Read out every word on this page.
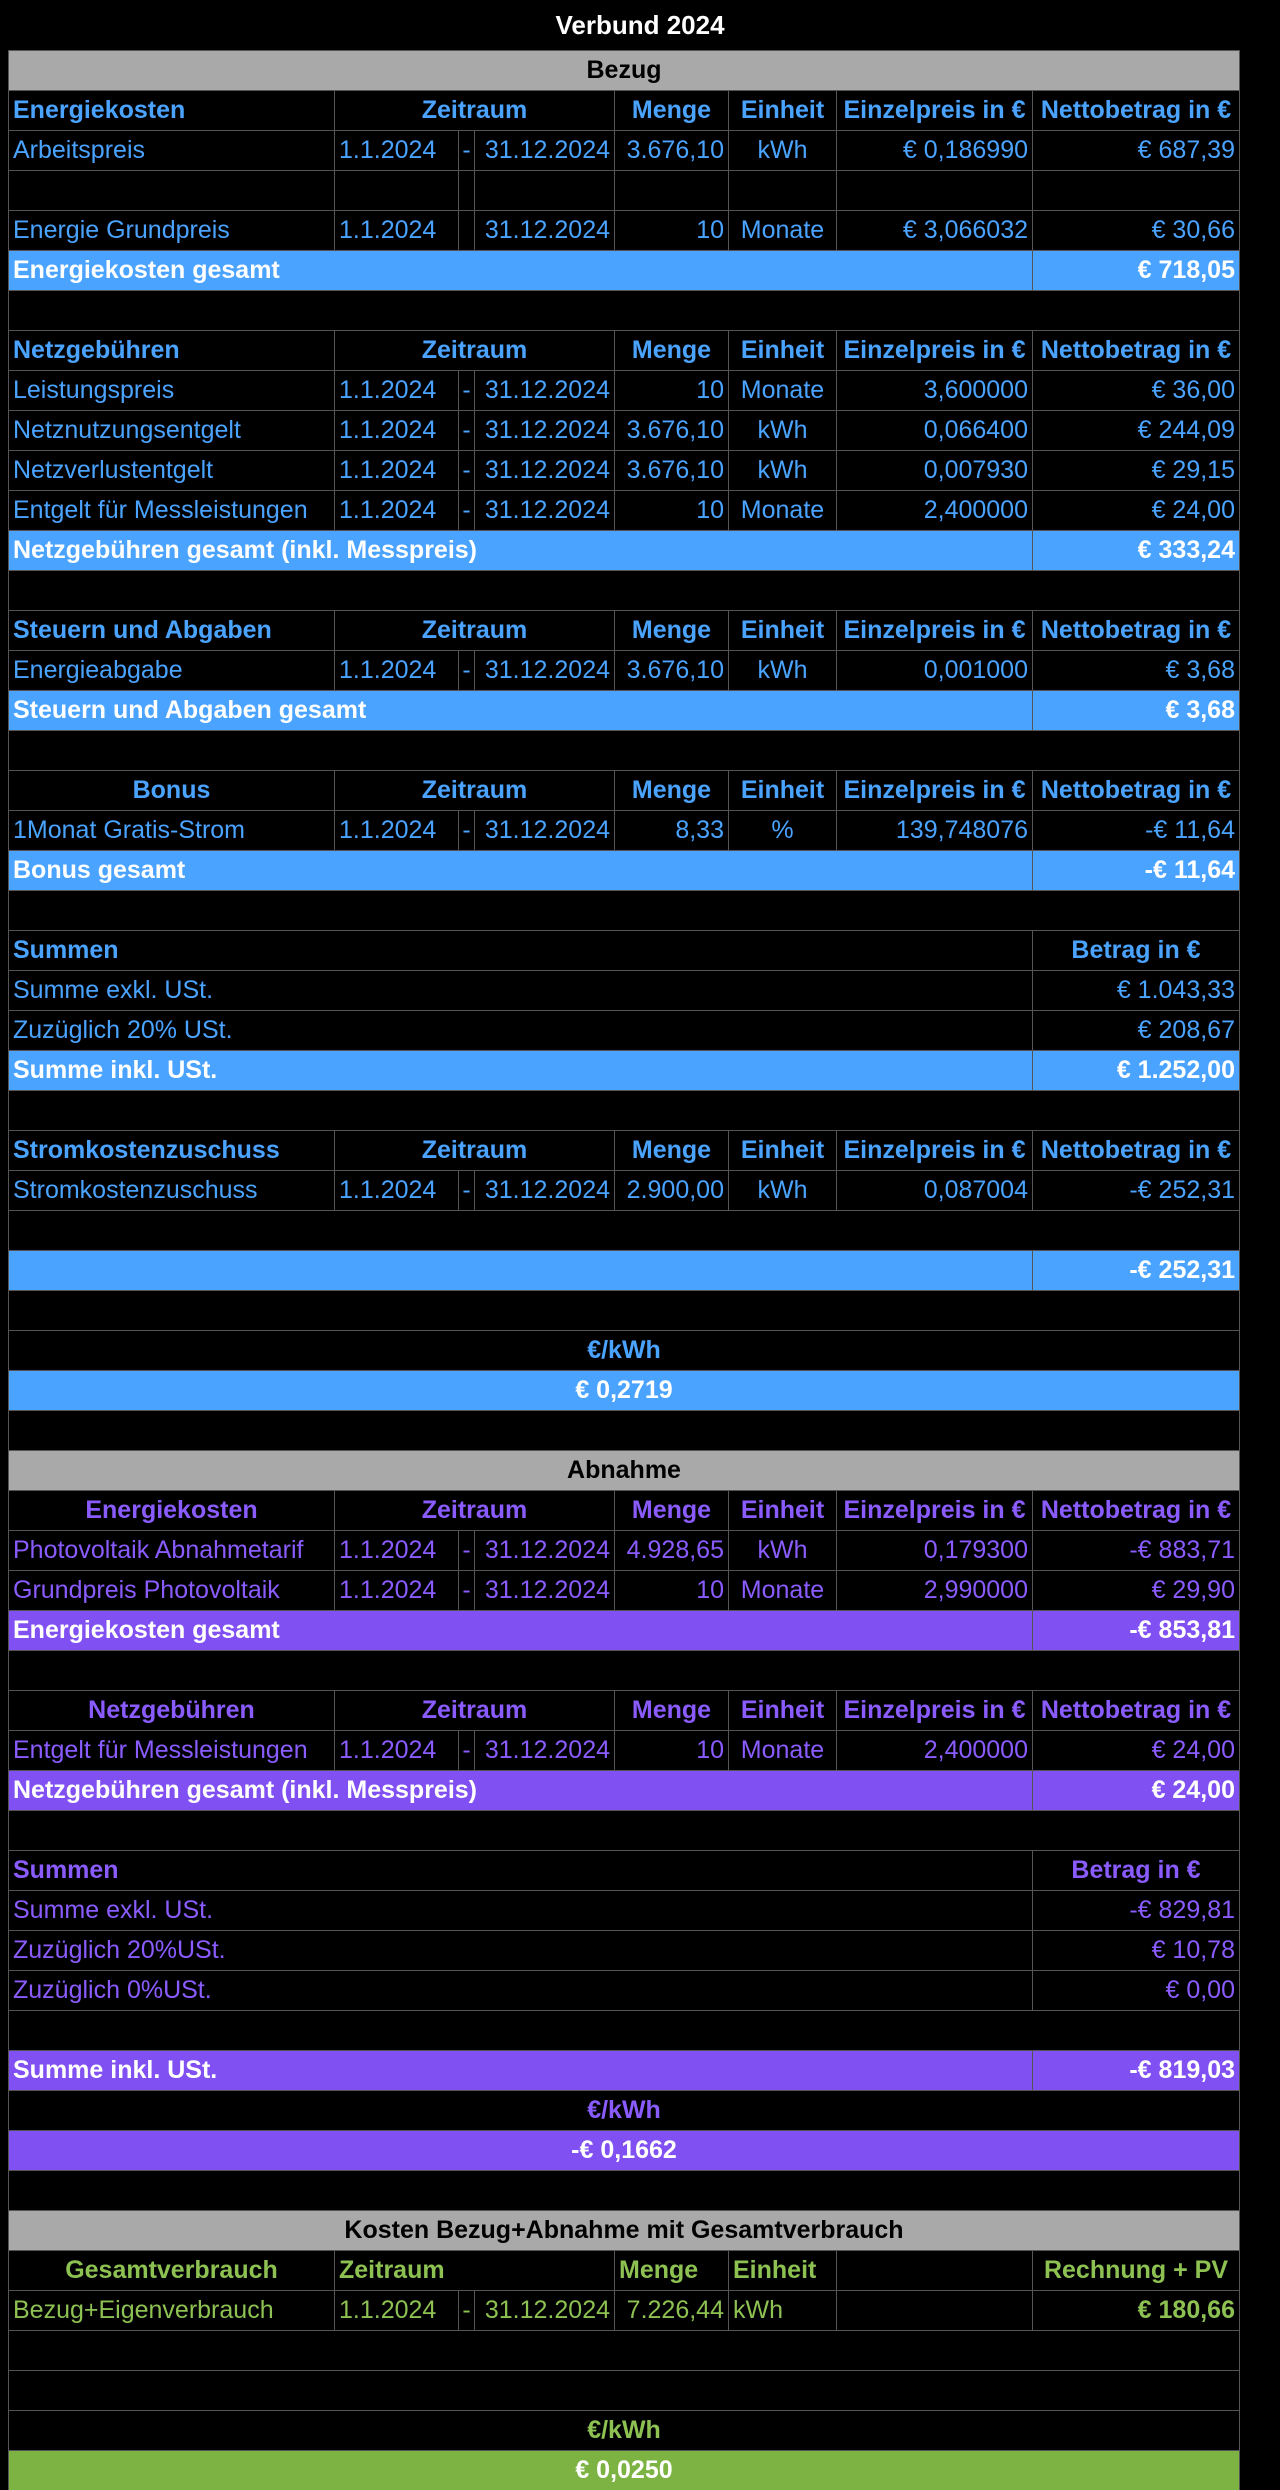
Verbund 2024
Bezug
Energiekosten	Zeitraum	Menge	Einheit Einzelpreis in € Nettobetrag in €
Arbeitspreis	1.1.2024	- 31.12.2024 3.676,10	kWh	€ 0,186990	€ 687,39
Energie Grundpreis	1.1.2024	31.12.2024	10 Monate	€ 3,066032	€ 30,66
Energiekosten gesamt	€ 718,05
Netzgebühren	Zeitraum	Menge	Einheit Einzelpreis in € Nettobetrag in €
Leistungspreis	1.1.2024	- 31.12.2024	10 Monate	3,600000	€ 36,00
Netznutzungsentgelt	1.1.2024	- 31.12.2024 3.676,10	kWh	0,066400	€ 244,09
Netzverlustentgelt	1.1.2024	- 31.12.2024 3.676,10	kWh	0,007930	€ 29,15
Entgelt für Messleistungen	1.1.2024	- 31.12.2024	10 Monate	2,400000	€ 24,00
Netzgebühren gesamt (inkl. Messpreis)	€ 333,24
Steuern und Abgaben	Zeitraum	Menge	Einheit Einzelpreis in € Nettobetrag in €
Energieabgabe	1.1.2024	- 31.12.2024 3.676,10	kWh	0,001000	€ 3,68
Steuern und Abgaben gesamt	€ 3,68
Bonus	Zeitraum	Menge	Einheit Einzelpreis in € Nettobetrag in €
1Monat Gratis-Strom	1.1.2024	- 31.12.2024	8,33	%	139,748076	-€ 11,64
Bonus gesamt	-€ 11,64
Summen	Betrag in €
Summe exkl. USt.	€ 1.043,33
Zuzüglich 20% USt.	€ 208,67
Summe inkl. USt.	€ 1.252,00
Stromkostenzuschuss	Zeitraum	Menge	Einheit Einzelpreis in € Nettobetrag in €
Stromkostenzuschuss	1.1.2024	- 31.12.2024 2.900,00	kWh	0,087004	-€ 252,31
-€ 252,31
€/kWh
€ 0,2719
Abnahme
Energiekosten	Zeitraum	Menge	Einheit Einzelpreis in € Nettobetrag in €
Photovoltaik Abnahmetarif	1.1.2024	- 31.12.2024 4.928,65	kWh	0,179300	-€ 883,71
Grundpreis Photovoltaik	1.1.2024	- 31.12.2024	10 Monate	2,990000	€ 29,90
Energiekosten gesamt	-€ 853,81
Netzgebühren	Zeitraum	Menge	Einheit Einzelpreis in € Nettobetrag in €
Entgelt für Messleistungen	1.1.2024	- 31.12.2024	10 Monate	2,400000	€ 24,00
Netzgebühren gesamt (inkl. Messpreis)	€ 24,00
Summen	Betrag in €
Summe exkl. USt.	-€ 829,81
Zuzüglich 20%USt.	€ 10,78
Zuzüglich 0%USt.	€ 0,00
Summe inkl. USt.	-€ 819,03
€/kWh
-€ 0,1662
Kosten Bezug+Abnahme mit Gesamtverbrauch
Gesamtverbrauch	Zeitraum	Menge	Einheit	Rechnung + PV
Bezug+Eigenverbrauch	1.1.2024	- 31.12.2024 7.226,44 kWh	€ 180,66
€/kWh
€ 0,0250
